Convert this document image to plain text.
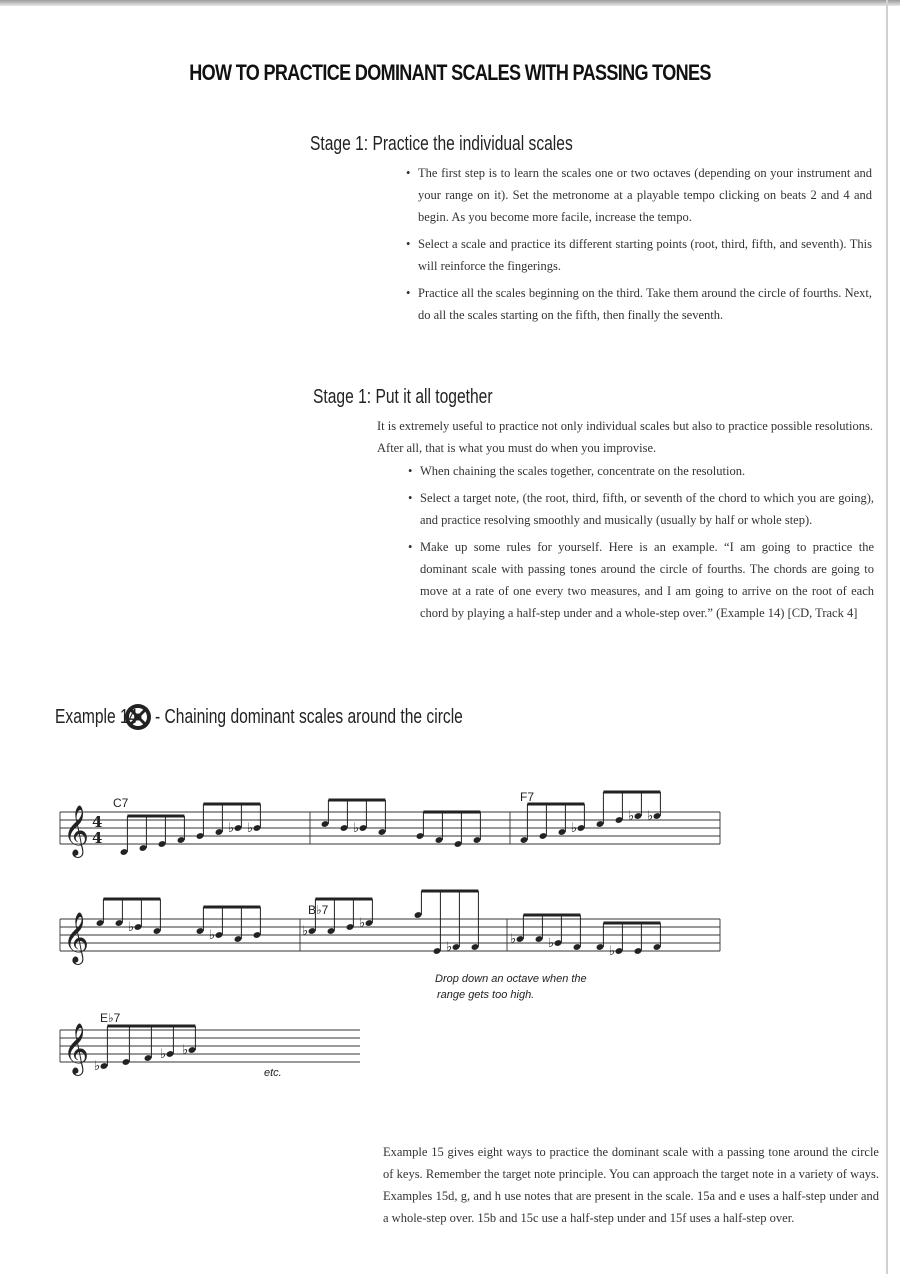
HOW TO PRACTICE DOMINANT SCALES WITH PASSING TONES
Stage 1: Practice the individual scales
• The first step is to learn the scales one or two octaves (depending on your instrument and your range on it). Set the metronome at a playable tempo clicking on beats 2 and 4 and begin. As you become more facile, increase the tempo.
• Select a scale and practice its different starting points (root, third, fifth, and seventh). This will reinforce the fingerings.
• Practice all the scales beginning on the third. Take them around the circle of fourths. Next, do all the scales starting on the fifth, then finally the seventh.
Stage 1: Put it all together

It is extremely useful to practice not only individual scales but also to practice possible resolutions. After all, that is what you must do when you improvise.

• When chaining the scales together, concentrate on the resolution.
• Select a target note, (the root, third, fifth, or seventh of the chord to which you are going), and practice resolving smoothly and musically (usually by half or whole step).
• Make up some rules for yourself. Here is an example. “I am going to practice the dominant scale with passing tones around the circle of fourths. The chords are going to move at a rate of one every two measures, and I am going to arrive on the root of each chord by playing a half-step under and a whole-step over.” (Example 14) [CD, Track 4]
Example 14 - Chaining dominant scales around the circle
𝄞
𝄞
𝄞
4
4
♭ ♭	♭	♭
♭ ♭
♭
♭	♭
♭
♭
♭ ♭
♭
♭
♭ ♭
C7	F7
B♭7
E♭7
Drop down an octave when the
range gets too high.
etc.

Example 15 gives eight ways to practice the dominant scale with a passing tone around the circle of keys. Remember the target note principle. You can approach the target note in a variety of ways. Examples 15d, g, and h use notes that are present in the scale. 15a and e uses a half-step under and a whole-step over. 15b and 15c use a half-step under and 15f uses a half-step over.
